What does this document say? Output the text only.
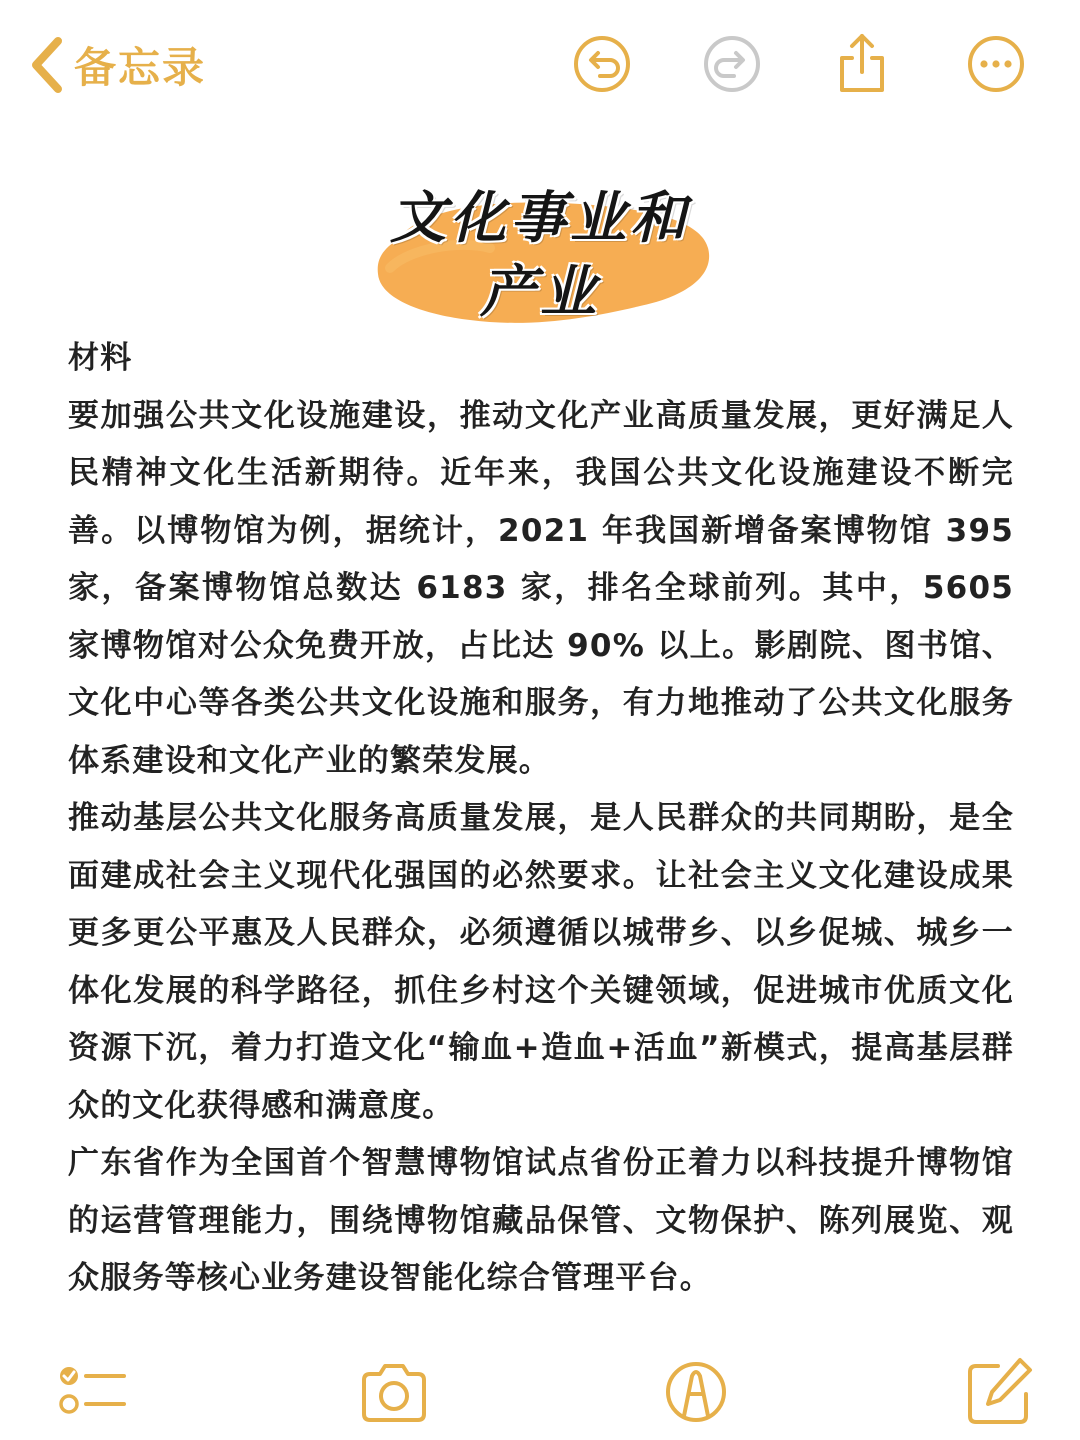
备忘录
文化事业和
产业

材料

要加强公共文化设施建设，推动文化产业高质量发展，更好满足人民精神文化生活新期待。近年来，我国公共文化设施建设不断完善。以博物馆为例，据统计，2021 年我国新增备案博物馆 395 家，备案博物馆总数达 6183 家，排名全球前列。其中，5605 家博物馆对公众免费开放，占比达 90% 以上。影剧院、图书馆、文化中心等各类公共文化设施和服务，有力地推动了公共文化服务体系建设和文化产业的繁荣发展。

推动基层公共文化服务高质量发展，是人民群众的共同期盼，是全面建成社会主义现代化强国的必然要求。让社会主义文化建设成果更多更公平惠及人民群众，必须遵循以城带乡、以乡促城、城乡一体化发展的科学路径，抓住乡村这个关键领域，促进城市优质文化资源下沉，着力打造文化“输血+造血+活血”新模式，提高基层群众的文化获得感和满意度。

广东省作为全国首个智慧博物馆试点省份正着力以科技提升博物馆的运营管理能力，围绕博物馆藏品保管、文物保护、陈列展览、观众服务等核心业务建设智能化综合管理平台。
